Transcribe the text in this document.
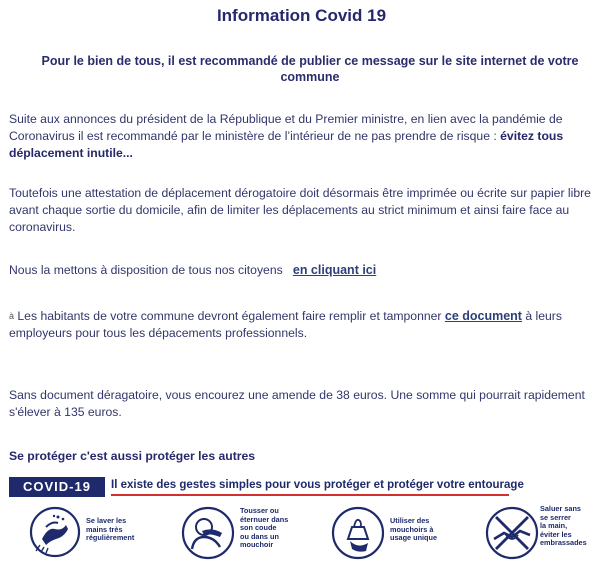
Information Covid 19
Pour le bien de tous, il est recommandé de publier ce message sur le site internet de votre commune
Suite aux annonces du président de la République et du Premier ministre, en lien avec la pandémie de Coronavirus il est recommandé par le ministère de l’intérieur de ne pas prendre de risque : évitez tous déplacement inutile...
Toutefois une attestation de déplacement dérogatoire doit désormais être imprimée ou écrite sur papier libre avant chaque sortie du domicile, afin de limiter les déplacements au strict minimum et ainsi faire face au coronavirus.
Nous la mettons à disposition de tous nos citoyens en cliquant ici
à Les habitants de votre commune devront également faire remplir et tamponner ce document à leurs employeurs pour tous les dépacements professionnels.
Sans document déragatoire, vous encourez une amende de 38 euros. Une somme qui pourrait rapidement s'élever à 135 euros.
Se protéger c'est aussi protéger les autres
COVID-19	Il existe des gestes simples pour vous protéger et protéger votre entourage
Se laver les
mains très
régulièrement
Tousser ou
éternuer dans
son coude
ou dans un
mouchoir
Utiliser des
mouchoirs à
usage unique
Saluer sans
se serrer
la main,
éviter les
embrassades
